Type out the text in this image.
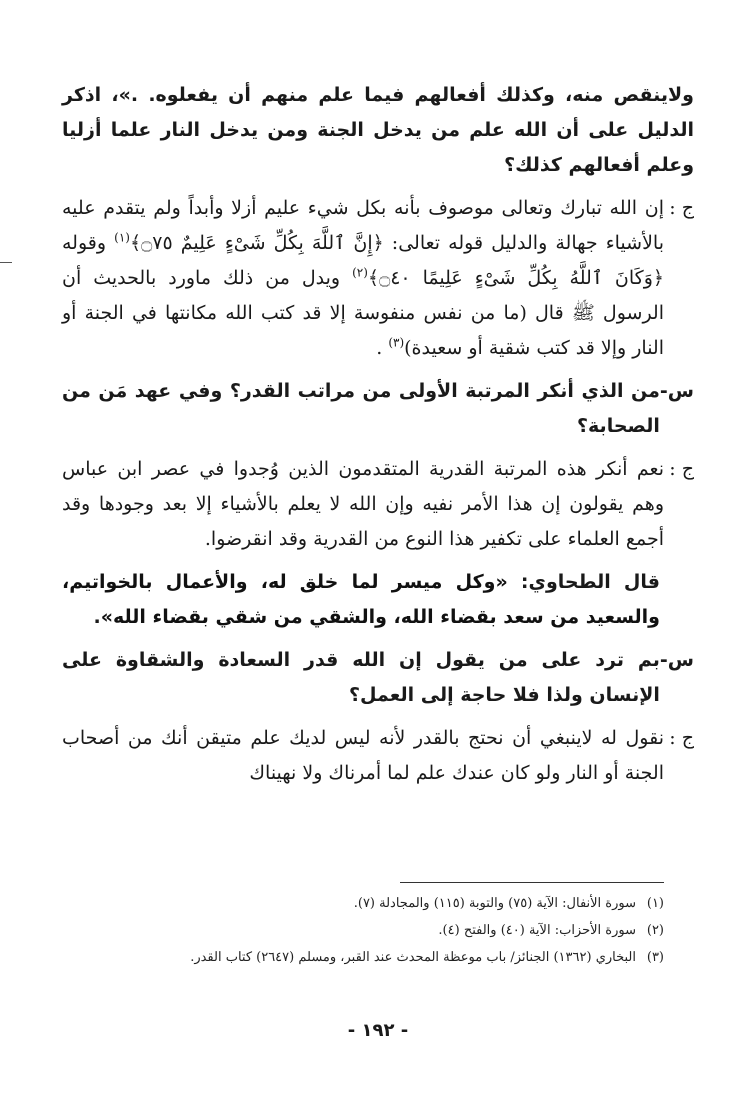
ولاينقص منه، وكذلك أفعالهم فيما علم منهم أن يفعلوه. .»، اذكر الدليل على أن الله علم من يدخل الجنة ومن يدخل النار علما أزليا وعلم أفعالهم كذلك؟

ج :
إن الله تبارك وتعالى موصوف بأنه بكل شيء عليم أزلا وأبداً ولم يتقدم عليه بالأشياء جهالة والدليل قوله تعالى: ﴿إِنَّ ٱللَّهَ بِكُلِّ شَىْءٍ عَلِيمٌ ۝٧٥﴾$^{(١)}$ وقوله ﴿وَكَانَ ٱللَّهُ بِكُلِّ شَىْءٍ عَلِيمًا ۝٤٠﴾$^{(٢)}$ ويدل من ذلك ماورد بالحديث أن الرسول ﷺ قال (ما من نفس منفوسة إلا قد كتب الله مكانتها في الجنة أو النار وإلا قد كتب شقية أو سعيدة)$^{(٣)}$ .
س-
من الذي أنكر المرتبة الأولى من مراتب القدر؟ وفي عهد مَن من الصحابة؟
ج :
نعم أنكر هذه المرتبة القدرية المتقدمون الذين وُجدوا في عصر ابن عباس وهم يقولون إن هذا الأمر نفيه وإن الله لا يعلم بالأشياء إلا بعد وجودها وقد أجمع العلماء على تكفير هذا النوع من القدرية وقد انقرضوا.

قال الطحاوي: «وكل ميسر لما خلق له، والأعمال بالخواتيم، والسعيد من سعد بقضاء الله، والشقي من شقي بقضاء الله».

س-
بم ترد على من يقول إن الله قدر السعادة والشقاوة على الإنسان ولذا فلا حاجة إلى العمل؟
ج :
نقول له لاينبغي أن نحتج بالقدر لأنه ليس لديك علم متيقن أنك من أصحاب الجنة أو النار ولو كان عندك علم لما أمرناك ولا نهيناك
(١)سورة الأنفال: الآية (٧٥) والتوبة (١١٥) والمجادلة (٧).
(٢)سورة الأحزاب: الآية (٤٠) والفتح (٤).
(٣)البخاري (١٣٦٢) الجنائز/ باب موعظة المحدث عند القبر، ومسلم (٢٦٤٧) كتاب القدر.
- ١٩٢ -
